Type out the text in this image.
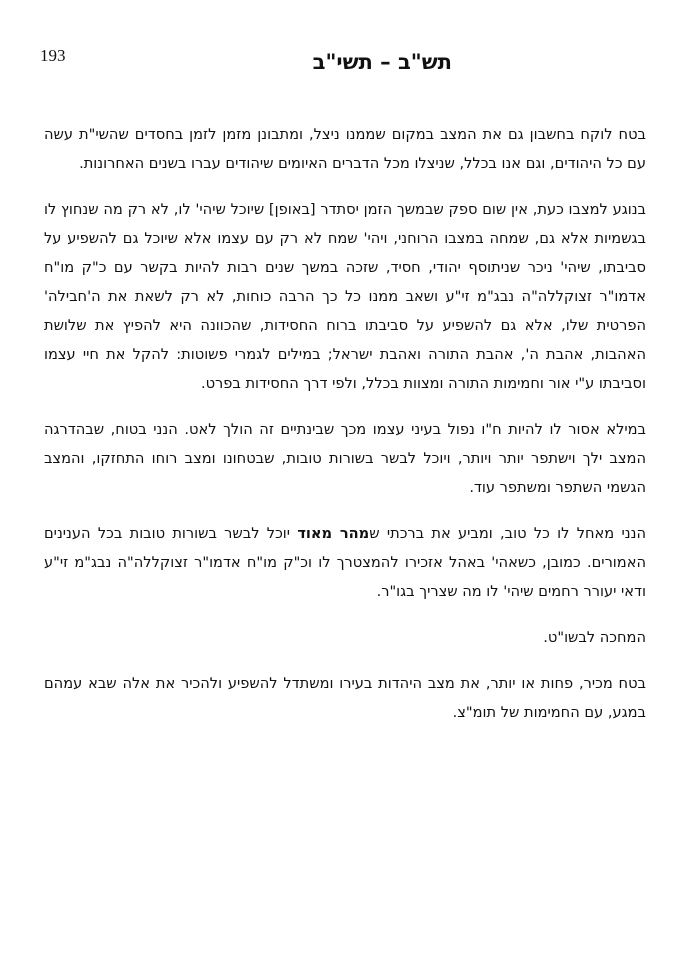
193	תש"ב – תשי"ב

בטח לוקח בחשבון גם את המצב במקום שממנו ניצל, ומתבונן מזמן לזמן בחסדים שהשי"ת עשה עם כל היהודים, וגם אנו בכלל, שניצלו מכל הדברים האיומים שיהודים עברו בשנים האחרונות.

בנוגע למצבו כעת, אין שום ספק שבמשך הזמן יסתדר [באופן] שיוכל שיהי' לו, לא רק מה שנחוץ לו בגשמיות אלא גם, שמחה במצבו הרוחני, ויהי' שמח לא רק עם עצמו אלא שיוכל גם להשפיע על סביבתו, שיהי' ניכר שניתוסף יהודי, חסיד, שזכה במשך שנים רבות להיות בקשר עם כ"ק מו"ח אדמו"ר זצוקללה"ה נבג"מ זי"ע ושאב ממנו כל כך הרבה כוחות, לא רק לשאת את ה'חבילה' הפרטית שלו, אלא גם להשפיע על סביבתו ברוח החסידות, שהכוונה היא להפיץ את שלושת האהבות, אהבת ה', אהבת התורה ואהבת ישראל; במילים לגמרי פשוטות: להקל את חיי עצמו וסביבתו ע"י אור וחמימות התורה ומצוות בכלל, ולפי דרך החסידות בפרט.

במילא אסור לו להיות ח"ו נפול בעיני עצמו מכך שבינתיים זה הולך לאט. הנני בטוח, שבהדרגה המצב ילך וישתפר יותר ויותר, ויוכל לבשר בשורות טובות, שבטחונו ומצב רוחו התחזקו, והמצב הגשמי השתפר ומשתפר עוד.

הנני מאחל לו כל טוב, ומביע את ברכתי שמהר מאוד יוכל לבשר בשורות טובות בכל הענינים האמורים. כמובן, כשאהי' באהל אזכירו להמצטרך לו וכ"ק מו"ח אדמו"ר זצוקללה"ה נבג"מ זי"ע ודאי יעורר רחמים שיהי' לו מה שצריך בגו"ר.

המחכה לבשו"ט.

בטח מכיר, פחות או יותר, את מצב היהדות בעירו ומשתדל להשפיע ולהכיר את אלה שבא עמהם במגע, עם החמימות של תומ"צ.
